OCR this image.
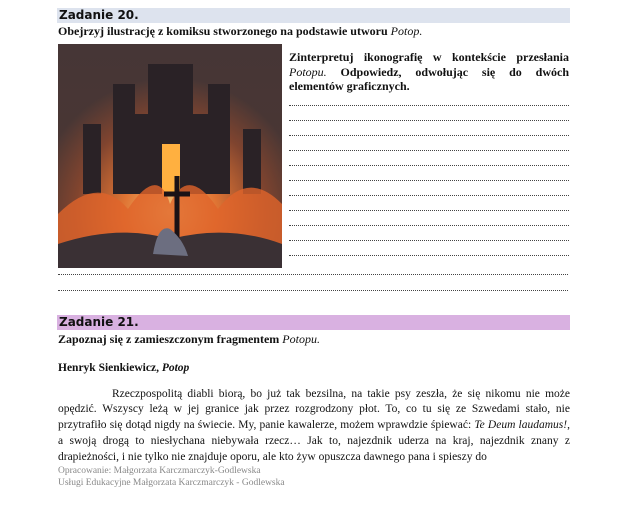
Zadanie 20.
Obejrzyj ilustrację z komiksu stworzonego na podstawie utworu Potop.
Zinterpretuj ikonografię w kontekście przesłania Potopu. Odpowiedz, odwołując się do dwóch elementów graficznych.
Zadanie 21.
Zapoznaj się z zamieszczonym fragmentem Potopu.
Henryk Sienkiewicz, Potop
Rzeczpospolitą diabli biorą, bo już tak bezsilna, na takie psy zeszła, że się nikomu nie może opędzić. Wszyscy leżą w jej granice jak przez rozgrodzony płot. To, co tu się ze Szwedami stało, nie przytrafiło się dotąd nigdy na świecie. My, panie kawalerze, możem wprawdzie śpiewać: Te Deum laudamus!, a swoją drogą to niesłychana niebywała rzecz… Jak to, najezdnik uderza na kraj, najezdnik znany z drapieżności, i nie tylko nie znajduje oporu, ale kto żyw opuszcza dawnego pana i spieszy do
Opracowanie: Małgorzata Karczmarczyk-Godlewska
Usługi Edukacyjne Małgorzata Karczmarczyk - Godlewska
